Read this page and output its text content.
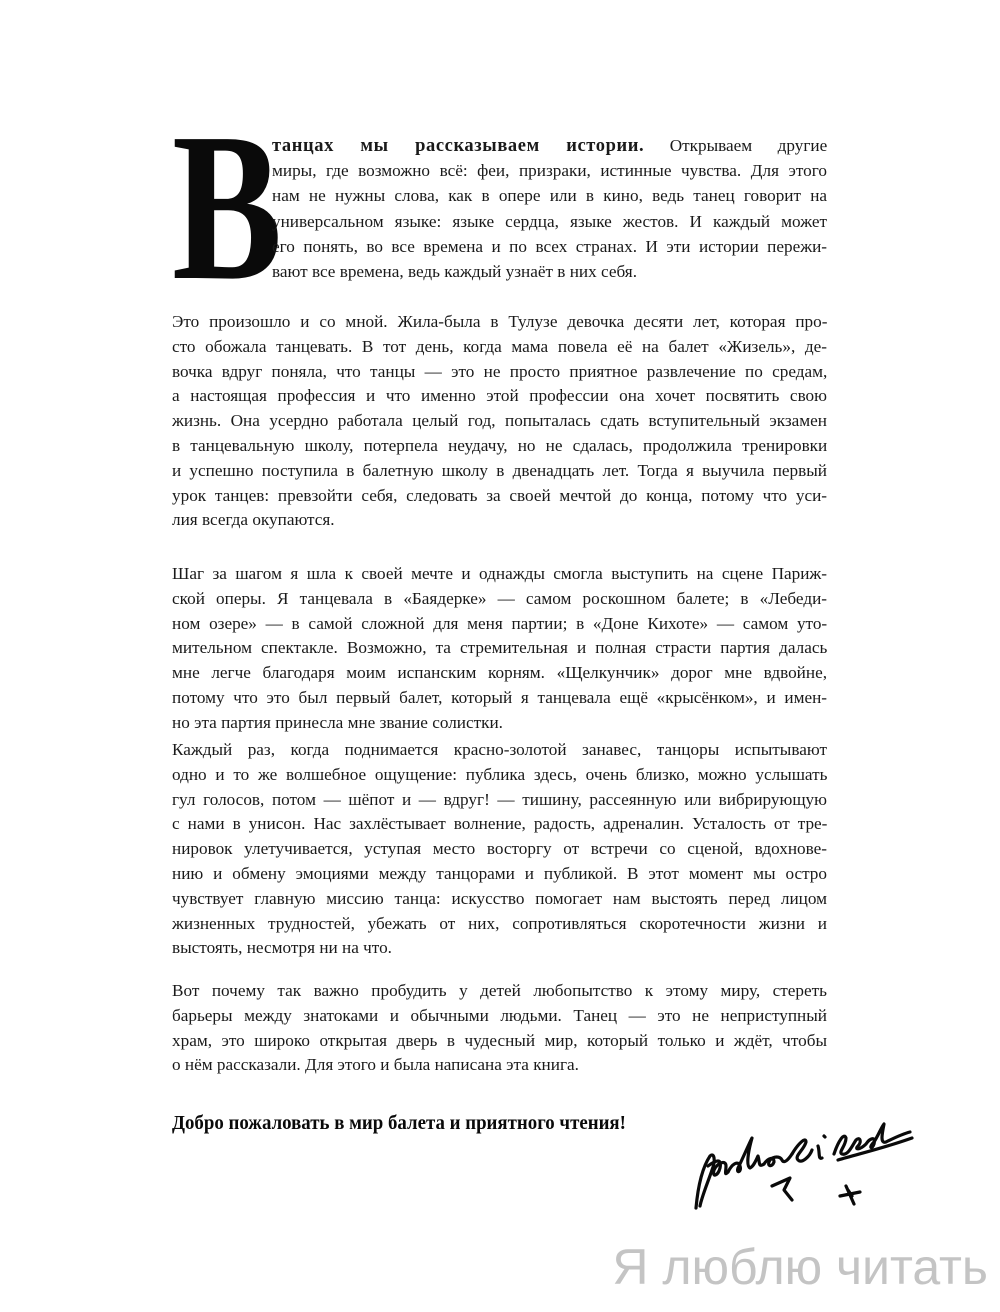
В
танцах мы рассказываем истории. Открываем другие
миры, где возможно всё: феи, призраки, истинные чувства. Для этого
нам не нужны слова, как в опере или в кино, ведь танец говорит на
универсальном языке: языке сердца, языке жестов. И каждый может
его понять, во все времена и по всех странах. И эти истории пережи-
вают все времена, ведь каждый узнаёт в них себя.
Это произошло и со мной. Жила-была в Тулузе девочка десяти лет, которая про-
сто обожала танцевать. В тот день, когда мама повела её на балет «Жизель», де-
вочка вдруг поняла, что танцы — это не просто приятное развлечение по средам,
а настоящая профессия и что именно этой профессии она хочет посвятить свою
жизнь. Она усердно работала целый год, попыталась сдать вступительный экзамен
в танцевальную школу, потерпела неудачу, но не сдалась, продолжила тренировки
и успешно поступила в балетную школу в двенадцать лет. Тогда я выучила первый
урок танцев: превзойти себя, следовать за своей мечтой до конца, потому что уси-
лия всегда окупаются.
Шаг за шагом я шла к своей мечте и однажды смогла выступить на сцене Париж-
ской оперы. Я танцевала в «Баядерке» — самом роскошном балете; в «Лебеди-
ном озере» — в самой сложной для меня партии; в «Доне Кихоте» — самом уто-
мительном спектакле. Возможно, та стремительная и полная страсти партия далась
мне легче благодаря моим испанским корням. «Щелкунчик» дорог мне вдвойне,
потому что это был первый балет, который я танцевала ещё «крысёнком», и имен-
но эта партия принесла мне звание солистки.
Каждый раз, когда поднимается красно-золотой занавес, танцоры испытывают
одно и то же волшебное ощущение: публика здесь, очень близко, можно услышать
гул голосов, потом — шёпот и — вдруг! — тишину, рассеянную или вибрирующую
с нами в унисон. Нас захлёстывает волнение, радость, адреналин. Усталость от тре-
нировок улетучивается, уступая место восторгу от встречи со сценой, вдохнове-
нию и обмену эмоциями между танцорами и публикой. В этот момент мы остро
чувствует главную миссию танца: искусство помогает нам выстоять перед лицом
жизненных трудностей, убежать от них, сопротивляться скоротечности жизни и
выстоять, несмотря ни на что.
Вот почему так важно пробудить у детей любопытство к этому миру, стереть
барьеры между знатоками и обычными людьми. Танец — это не неприступный
храм, это широко открытая дверь в чудесный мир, который только и ждёт, чтобы
о нём рассказали. Для этого и была написана эта книга.
Добро пожаловать в мир балета и приятного чтения!
Я люблю читать
